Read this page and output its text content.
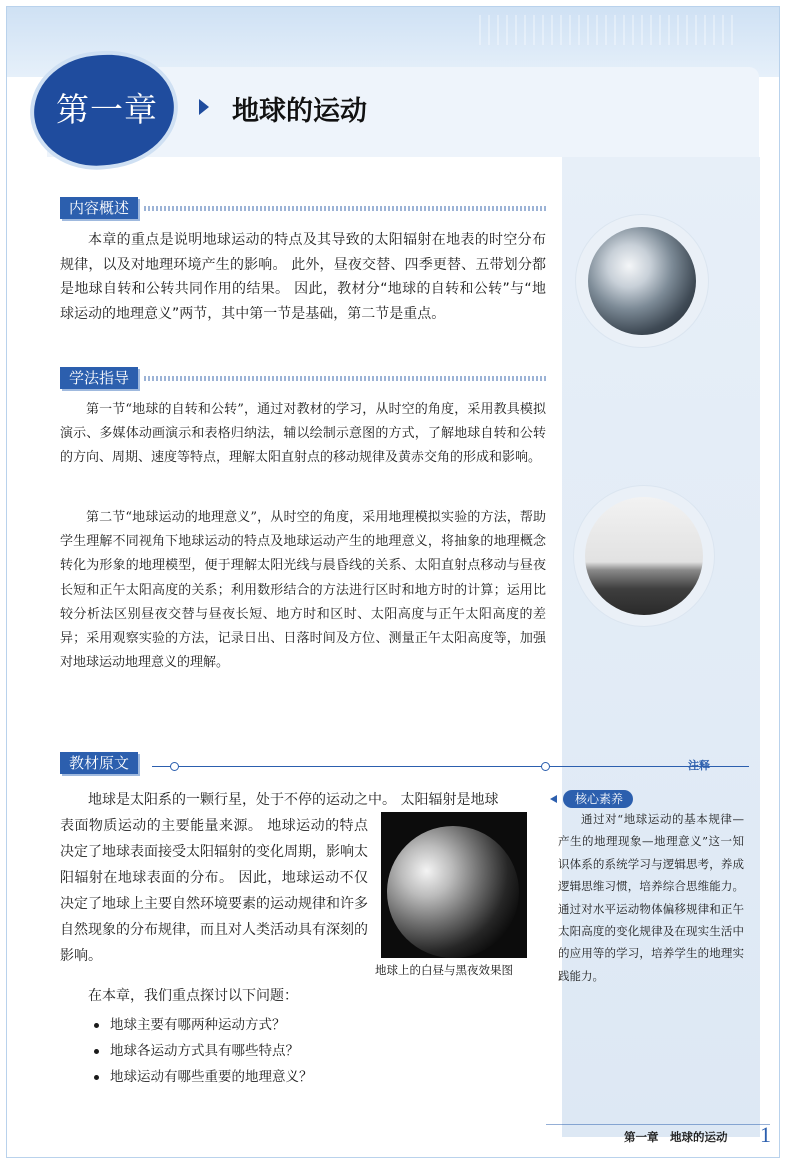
第一章	地球的运动
内容概述

本章的重点是说明地球运动的特点及其导致的太阳辐射在地表的时空分布规律，以及对地理环境产生的影响。 此外，昼夜交替、四季更替、五带划分都是地球自转和公转共同作用的结果。 因此，教材分“地球的自转和公转”与“地球运动的地理意义”两节，其中第一节是基础，第二节是重点。

学法指导

第一节“地球的自转和公转”，通过对教材的学习，从时空的角度，采用教具模拟演示、多媒体动画演示和表格归纳法，辅以绘制示意图的方式，了解地球自转和公转的方向、周期、速度等特点，理解太阳直射点的移动规律及黄赤交角的形成和影响。

第二节“地球运动的地理意义”，从时空的角度，采用地理模拟实验的方法，帮助学生理解不同视角下地球运动的特点及地球运动产生的地理意义，将抽象的地理概念转化为形象的地理模型，便于理解太阳光线与晨昏线的关系、太阳直射点移动与昼夜长短和正午太阳高度的关系；利用数形结合的方法进行区时和地方时的计算；运用比较分析法区别昼夜交替与昼夜长短、地方时和区时、太阳高度与正午太阳高度的差异；采用观察实验的方法，记录日出、日落时间及方位、测量正午太阳高度等，加强对地球运动地理意义的理解。

教材原文	注释

地球是太阳系的一颗行星，处于不停的运动之中。 太阳辐射是地球

表面物质运动的主要能量来源。 地球运动的特点决定了地球表面接受太阳辐射的变化周期，影响太阳辐射在地球表面的分布。 因此，地球运动不仅决定了地球上主要自然环境要素的运动规律和许多自然现象的分布规律，而且对人类活动具有深刻的影响。

地球上的白昼与黑夜效果图

在本章，我们重点探讨以下问题：

地球主要有哪两种运动方式？
地球各运动方式具有哪些特点？
地球运动有哪些重要的地理意义？
核心素养

通过对“地球运动的基本规律—产生的地理现象—地理意义”这一知识体系的系统学习与逻辑思考，养成逻辑思维习惯，培养综合思维能力。通过对水平运动物体偏移规律和正午太阳高度的变化规律及在现实生活中的应用等的学习，培养学生的地理实践能力。

第一章　地球的运动 1
